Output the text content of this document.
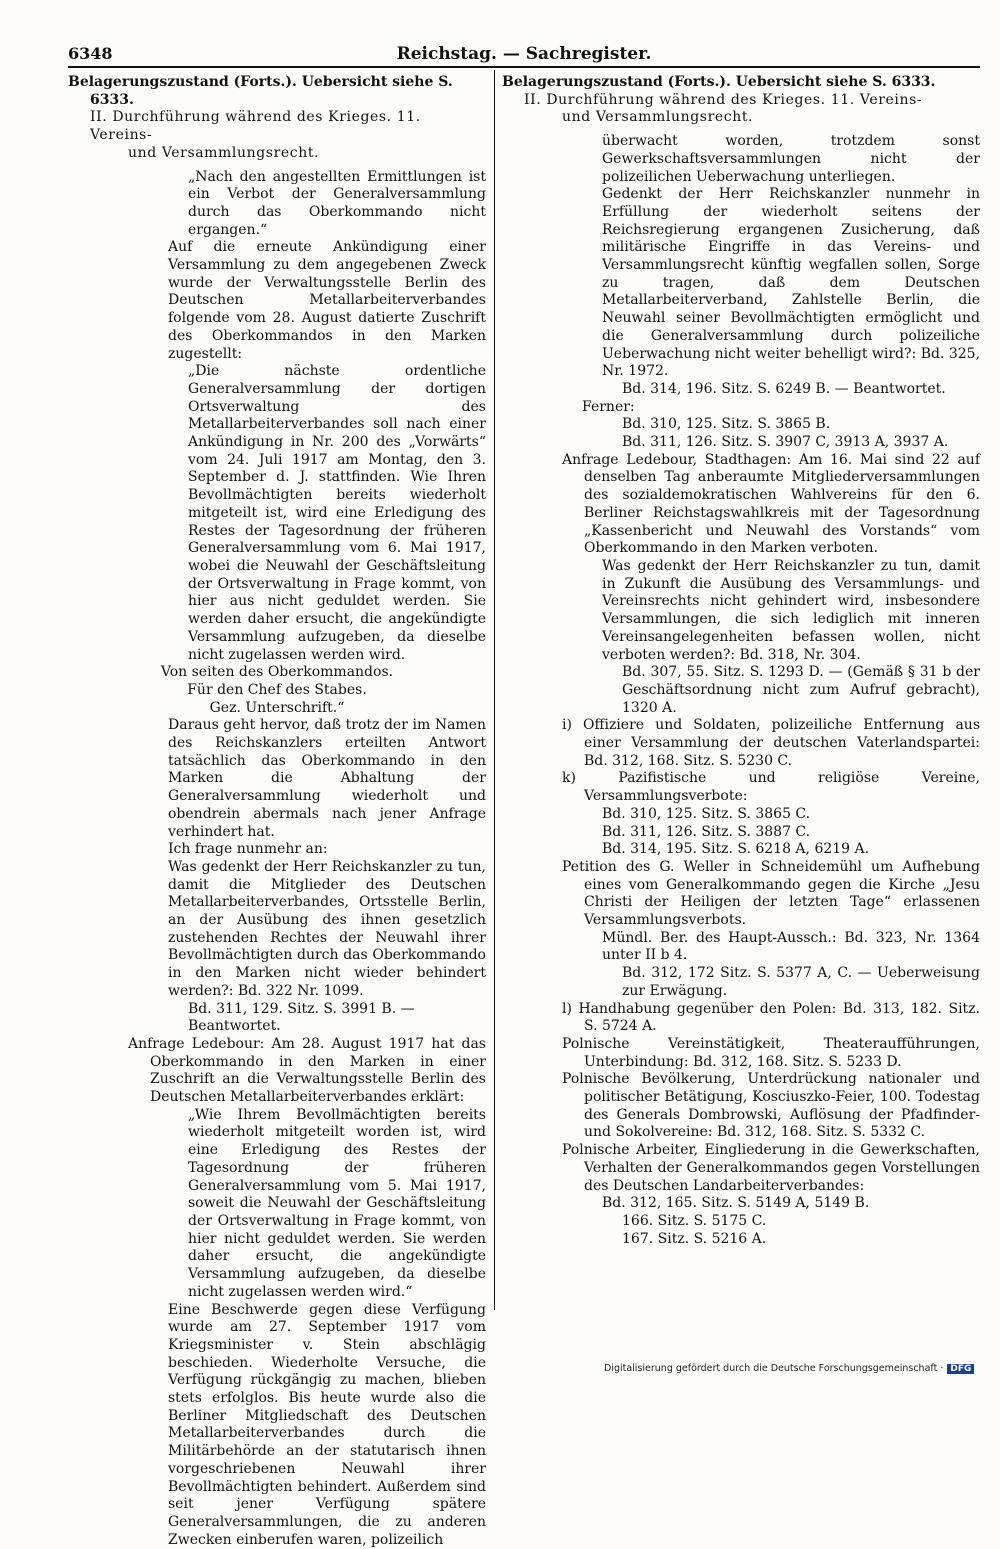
6348	Reichstag. — Sachregister.

Belagerungszustand (Forts.). Uebersicht siehe S. 6333.

II. Durchführung während des Krieges. 11. Vereins-

und Versammlungsrecht.

„Nach den angestellten Ermittlungen ist ein Verbot der Generalversammlung durch das Oberkommando nicht ergangen.“

Auf die erneute Ankündigung einer Versammlung zu dem angegebenen Zweck wurde der Verwaltungsstelle Berlin des Deutschen Metallarbeiterverbandes folgende vom 28. August datierte Zuschrift des Oberkommandos in den Marken zugestellt:

„Die nächste ordentliche Generalversammlung der dortigen Ortsverwaltung des Metallarbeiterverbandes soll nach einer Ankündigung in Nr. 200 des „Vorwärts“ vom 24. Juli 1917 am Montag, den 3. September d. J. stattfinden. Wie Ihren Bevollmächtigten bereits wiederholt mitgeteilt ist, wird eine Erledigung des Restes der Tagesordnung der früheren Generalversammlung vom 6. Mai 1917, wobei die Neuwahl der Geschäftsleitung der Ortsverwaltung in Frage kommt, von hier aus nicht geduldet werden. Sie werden daher ersucht, die angekündigte Versammlung aufzugeben, da dieselbe nicht zugelassen werden wird.

Von seiten des Oberkommandos.

Für den Chef des Stabes.

Gez. Unterschrift.“

Daraus geht hervor, daß trotz der im Namen des Reichskanzlers erteilten Antwort tatsächlich das Oberkommando in den Marken die Abhaltung der Generalversammlung wiederholt und obendrein abermals nach jener Anfrage verhindert hat.

Ich frage nunmehr an:

Was gedenkt der Herr Reichskanzler zu tun, damit die Mitglieder des Deutschen Metallarbeiterverbandes, Ortsstelle Berlin, an der Ausübung des ihnen gesetzlich zustehenden Rechtes der Neuwahl ihrer Bevollmächtigten durch das Oberkommando in den Marken nicht wieder behindert werden?: Bd. 322 Nr. 1099.

Bd. 311, 129. Sitz. S. 3991 B. — Beantwortet.

Anfrage Ledebour: Am 28. August 1917 hat das Oberkommando in den Marken in einer Zuschrift an die Verwaltungsstelle Berlin des Deutschen Metallarbeiterverbandes erklärt:

„Wie Ihrem Bevollmächtigten bereits wiederholt mitgeteilt worden ist, wird eine Erledigung des Restes der Tagesordnung der früheren Generalversammlung vom 5. Mai 1917, soweit die Neuwahl der Geschäftsleitung der Ortsverwaltung in Frage kommt, von hier nicht geduldet werden. Sie werden daher ersucht, die angekündigte Versammlung aufzugeben, da dieselbe nicht zugelassen werden wird.“

Eine Beschwerde gegen diese Verfügung wurde am 27. September 1917 vom Kriegsminister v. Stein abschlägig beschieden. Wiederholte Versuche, die Verfügung rückgängig zu machen, blieben stets erfolglos. Bis heute wurde also die Berliner Mitgliedschaft des Deutschen Metallarbeiterverbandes durch die Militärbehörde an der statutarisch ihnen vorgeschriebenen Neuwahl ihrer Bevollmächtigten behindert. Außerdem sind seit jener Verfügung spätere Generalversammlungen, die zu anderen Zwecken einberufen waren, polizeilich

Belagerungszustand (Forts.). Uebersicht siehe S. 6333.

II. Durchführung während des Krieges. 11. Vereins-

und Versammlungsrecht.

überwacht worden, trotzdem sonst Gewerkschaftsversammlungen nicht der polizeilichen Ueberwachung unterliegen.

Gedenkt der Herr Reichskanzler nunmehr in Erfüllung der wiederholt seitens der Reichsregierung ergangenen Zusicherung, daß militärische Eingriffe in das Vereins- und Versammlungsrecht künftig wegfallen sollen, Sorge zu tragen, daß dem Deutschen Metallarbeiterverband, Zahlstelle Berlin, die Neuwahl seiner Bevollmächtigten ermöglicht und die Generalversammlung durch polizeiliche Ueberwachung nicht weiter behelligt wird?: Bd. 325, Nr. 1972.

Bd. 314, 196. Sitz. S. 6249 B. — Beantwortet.

Ferner:

Bd. 310, 125. Sitz. S. 3865 B.

Bd. 311, 126. Sitz. S. 3907 C, 3913 A, 3937 A.

Anfrage Ledebour, Stadthagen: Am 16. Mai sind 22 auf denselben Tag anberaumte Mitgliederversammlungen des sozialdemokratischen Wahlvereins für den 6. Berliner Reichstagswahlkreis mit der Tagesordnung „Kassenbericht und Neuwahl des Vorstands“ vom Oberkommando in den Marken verboten.

Was gedenkt der Herr Reichskanzler zu tun, damit in Zukunft die Ausübung des Versammlungs- und Vereinsrechts nicht gehindert wird, insbesondere Versammlungen, die sich lediglich mit inneren Vereinsangelegenheiten befassen wollen, nicht verboten werden?: Bd. 318, Nr. 304.

Bd. 307, 55. Sitz. S. 1293 D. — (Gemäß § 31 b der Geschäftsordnung nicht zum Aufruf gebracht), 1320 A.

i) Offiziere und Soldaten, polizeiliche Entfernung aus einer Versammlung der deutschen Vaterlandspartei: Bd. 312, 168. Sitz. S. 5230 C.

k) Pazifistische und religiöse Vereine, Versammlungsverbote:

Bd. 310, 125. Sitz. S. 3865 C.

Bd. 311, 126. Sitz. S. 3887 C.

Bd. 314, 195. Sitz. S. 6218 A, 6219 A.

Petition des G. Weller in Schneidemühl um Aufhebung eines vom Generalkommando gegen die Kirche „Jesu Christi der Heiligen der letzten Tage“ erlassenen Versammlungsverbots.

Mündl. Ber. des Haupt-Aussch.: Bd. 323, Nr. 1364 unter II b 4.

Bd. 312, 172 Sitz. S. 5377 A, C. — Ueberweisung zur Erwägung.

l) Handhabung gegenüber den Polen: Bd. 313, 182. Sitz. S. 5724 A.

Polnische Vereinstätigkeit, Theateraufführungen, Unterbindung: Bd. 312, 168. Sitz. S. 5233 D.

Polnische Bevölkerung, Unterdrückung nationaler und politischer Betätigung, Kosciuszko-Feier, 100. Todestag des Generals Dombrowski, Auflösung der Pfadfinder- und Sokolvereine: Bd. 312, 168. Sitz. S. 5332 C.

Polnische Arbeiter, Eingliederung in die Gewerkschaften, Verhalten der Generalkommandos gegen Vorstellungen des Deutschen Landarbeiterverbandes:

Bd. 312, 165. Sitz. S. 5149 A, 5149 B.

166. Sitz. S. 5175 C.

167. Sitz. S. 5216 A.

Digitalisierung gefördert durch die Deutsche Forschungsgemeinschaft · DFG
